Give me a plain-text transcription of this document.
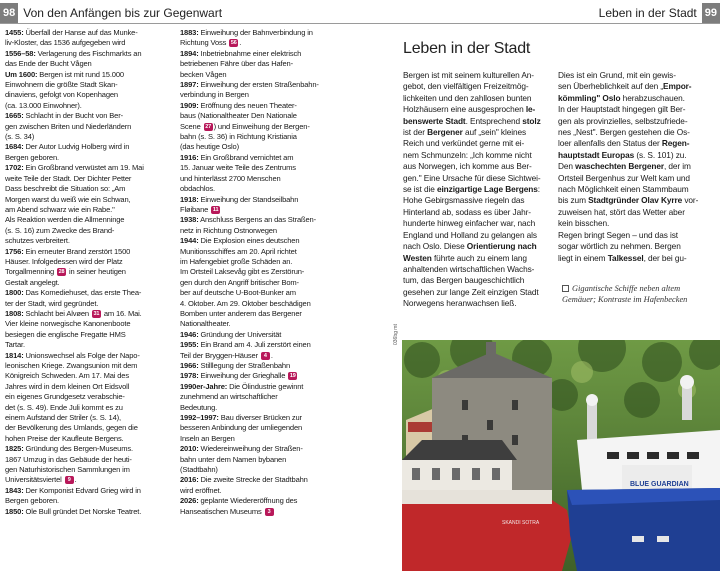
98 Von den Anfängen bis zur Gegenwart	Leben in der Stadt 99
1455: Überfall der Hanse auf das Munke-
liv-Kloster, das 1536 aufgegeben wird
1556–58: Verlagerung des Fischmarkts an
das Ende der Bucht Vågen
Um 1600: Bergen ist mit rund 15.000
Einwohnern die größte Stadt Skan-
dinaviens, gefolgt von Kopenhagen
(ca. 13.000 Einwohner).
1665: Schlacht in der Bucht von Ber-
gen zwischen Briten und Niederländern
(s. S. 34)
1684: Der Autor Ludvig Holberg wird in
Bergen geboren.
1702: Ein Großbrand verwüstet am 19. Mai
weite Teile der Stadt. Der Dichter Petter
Dass beschreibt die Situation so: „Am
Morgen warst du weiß wie ein Schwan,
am Abend schwarz wie ein Rabe."
Als Reaktion werden die Allmenninge
(s. S. 16) zum Zwecke des Brand-
schutzes verbreitert.
1756: Ein erneuter Brand zerstört 1500
Häuser. Infolgedessen wird der Platz
Torgallmenning 28 in seiner heutigen
Gestalt angelegt.
1800: Das Komediehuset, das erste Thea-
ter der Stadt, wird gegründet.
1808: Schlacht bei Alvøen 31 am 16. Mai.
Vier kleine norwegische Kanonenboote
besiegen die englische Fregatte HMS
Tartar.
1814: Unionswechsel als Folge der Napo-
leonischen Kriege. Zwangsunion mit dem
Königreich Schweden. Am 17. Mai des
Jahres wird in dem kleinen Ort Eidsvoll
ein eigenes Grundgesetz verabschie-
det (s. S. 49). Ende Juli kommt es zu
einem Aufstand der Striler (s. S. 14),
der Bevölkerung des Umlands, gegen die
hohen Preise der Kaufleute Bergens.
1825: Gründung des Bergen-Museums.
1867 Umzug in das Gebäude der heuti-
gen Naturhistorischen Sammlungen im
Universitätsviertel 9 .
1843: Der Komponist Edvard Grieg wird in
Bergen geboren.
1850: Ole Bull gründet Det Norske Teatret.
1883: Einweihung der Bahnverbindung in
Richtung Voss 56 .
1894: Inbetriebnahme einer elektrisch
betriebenen Fähre über das Hafen-
becken Vågen
1897: Einweihung der ersten Straßenbahn-
verbindung in Bergen
1909: Eröffnung des neuen Theater-
baus (Nationaltheater Den Nationale
Scene 27 ) und Einweihung der Bergen-
bahn (s. S. 36) in Richtung Kristiania
(das heutige Oslo)
1916: Ein Großbrand vernichtet am
15. Januar weite Teile des Zentrums
und hinterlässt 2700 Menschen
obdachlos.
1918: Einweihung der Standseilbahn
Fløibane 11
1938: Anschluss Bergens an das Straßen-
netz in Richtung Ostnorwegen
1944: Die Explosion eines deutschen
Munitionsschiffes am 20. April richtet
im Hafengebiet große Schäden an.
Im Ortsteil Laksevåg gibt es Zerstörun-
gen durch den Angriff britischer Bom-
ber auf deutsche U-Boot-Bunker am
4. Oktober. Am 29. Oktober beschädigen
Bomben unter anderem das Bergener
Nationaltheater.
1946: Gründung der Universität
1955: Ein Brand am 4. Juli zerstört einen
Teil der Bryggen-Häuser 4 .
1966: Stilllegung der Straßenbahn
1978: Einweihung der Grieghalle 19
1990er-Jahre: Die Ölindustrie gewinnt
zunehmend an wirtschaftlicher
Bedeutung.
1992–1997: Bau diverser Brücken zur
besseren Anbindung der umliegenden
Inseln an Bergen
2010: Wiedereinweihung der Straßen-
bahn unter dem Namen bybanen
(Stadtbahn)
2016: Die zweite Strecke der Stadtbahn
wird eröffnet.
2026: geplante Wiedereröffnung des
Hanseatischen Museums 3
Leben in der Stadt

Bergen ist mit seinem kulturellen An-
gebot, den vielfältigen Freizeitmög-
lichkeiten und den zahllosen bunten
Holzhäusern eine ausgesprochen le-
benswerte Stadt. Entsprechend stolz
ist der Bergener auf „sein" kleines
Reich und verkündet gerne mit ei-
nem Schmunzeln: „Ich komme nicht
aus Norwegen, ich komme aus Ber-
gen." Eine Ursache für diese Sichtwei-
se ist die einzigartige Lage Bergens:
Hohe Gebirgsmassive riegeln das
Hinterland ab, sodass es über Jahr-
hunderte hinweg einfacher war, nach
England und Holland zu gelangen als
nach Oslo. Diese Orientierung nach
Westen führte auch zu einem lang
anhaltenden wirtschaftlichen Wachs-
tum, das Bergen baugeschichtlich
gesehen zur lange Zeit einzigen Stadt
Norwegens heranwachsen ließ.

Dies ist ein Grund, mit ein gewis-
sen Überheblichkeit auf den „Empor-
kömmling" Oslo herabzuschauen.
In der Hauptstadt hingegen gilt Ber-
gen als provinzielles, selbstzufriede-
nes „Nest". Bergen gestehen die Os-
loer allenfalls den Status der Regen-
hauptstadt Europas (s. S. 101) zu.
Den waschechten Bergener, der im
Ortsteil Bergenhus zur Welt kam und
nach Möglichkeit einen Stammbaum
bis zum Stadtgründer Olav Kyrre vor-
zuweisen hat, stört das Wetter aber
kein bisschen.
Regen bringt Segen – und das ist
sogar wörtlich zu nehmen. Bergen
liegt in einem Talkessel, der bei gu-

Gigantische Schiffe neben altem
Gemäuer; Kontraste im Hafenbecken
036bg mt
SKANDI SOTRA
BLUE GUARDIAN
